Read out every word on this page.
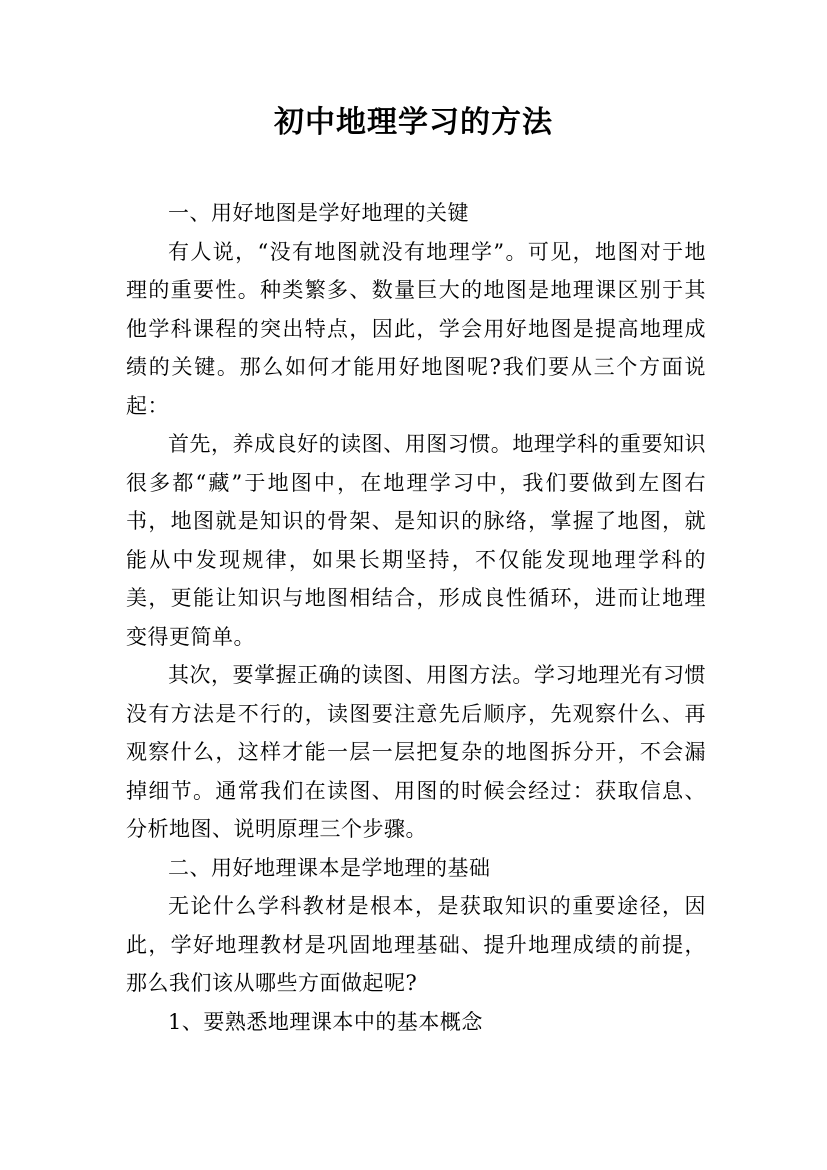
初中地理学习的方法

一、用好地图是学好地理的关键

有人说，“没有地图就没有地理学”。可见，地图对于地理的重要性。种类繁多、数量巨大的地图是地理课区别于其他学科课程的突出特点，因此，学会用好地图是提高地理成绩的关键。那么如何才能用好地图呢?我们要从三个方面说起：

首先，养成良好的读图、用图习惯。地理学科的重要知识很多都“藏”于地图中，在地理学习中，我们要做到左图右书，地图就是知识的骨架、是知识的脉络，掌握了地图，就能从中发现规律，如果长期坚持，不仅能发现地理学科的美，更能让知识与地图相结合，形成良性循环，进而让地理变得更简单。

其次，要掌握正确的读图、用图方法。学习地理光有习惯没有方法是不行的，读图要注意先后顺序，先观察什么、再观察什么，这样才能一层一层把复杂的地图拆分开，不会漏掉细节。通常我们在读图、用图的时候会经过：获取信息、分析地图、说明原理三个步骤。

二、用好地理课本是学地理的基础

无论什么学科教材是根本，是获取知识的重要途径，因此，学好地理教材是巩固地理基础、提升地理成绩的前提，那么我们该从哪些方面做起呢?

1、要熟悉地理课本中的基本概念
